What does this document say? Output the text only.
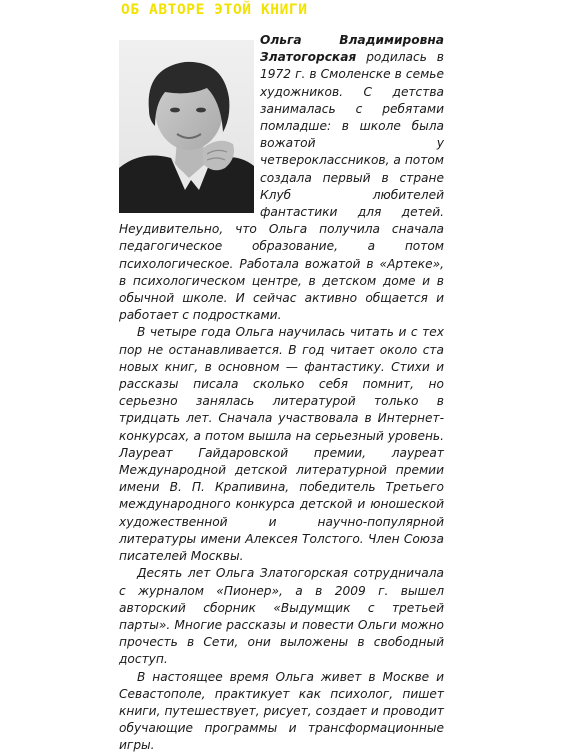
ОБ АВТОРЕ ЭТОЙ КНИГИ

Ольга Владимировна Златогорская родилась в 1972 г. в Смоленске в семье художников. С детства занималась с ребятами помладше: в школе была вожатой у четвероклассников, а потом создала первый в стране Клуб любителей фантастики для детей. Неудивительно, что Ольга получила сначала педагогическое образование, а потом психологическое. Работала вожатой в «Артеке», в психологическом центре, в детском доме и в обычной школе. И сейчас активно общается и работает с подростками.

В четыре года Ольга научилась читать и с тех пор не останавливается. В год читает около ста новых книг, в основном — фантастику. Стихи и рассказы писала сколько себя помнит, но серьезно занялась литературой только в тридцать лет. Сначала участвовала в Интернет-конкурсах, а потом вышла на серьезный уровень. Лауреат Гайдаровской премии, лауреат Международной детской литературной премии имени В. П. Крапивина, победитель Третьего международного конкурса детской и юношеской художественной и научно-популярной литературы имени Алексея Толстого. Член Союза писателей Москвы.

Десять лет Ольга Златогорская сотрудничала с журналом «Пионер», а в 2009 г. вышел авторский сборник «Выдумщик с третьей парты». Многие рассказы и повести Ольги можно прочесть в Сети, они выложены в свободный доступ.

В настоящее время Ольга живет в Москве и Севастополе, практикует как психолог, пишет книги, путешествует, рисует, создает и проводит обучающие программы и трансформационные игры.
